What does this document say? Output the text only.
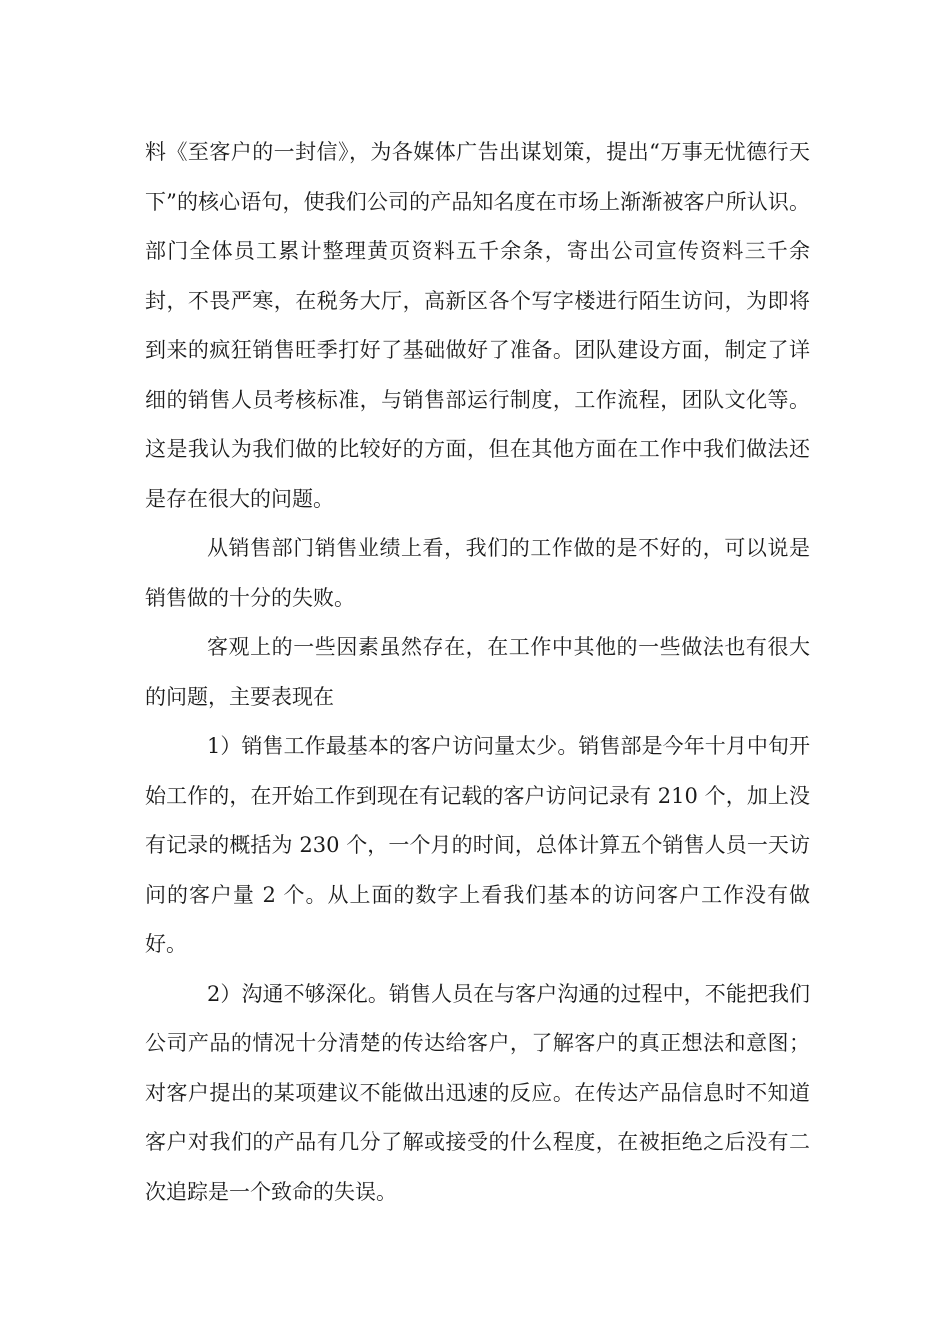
料《至客户的一封信》，为各媒体广告出谋划策，提出“万事无忧德行天下”的核心语句，使我们公司的产品知名度在市场上渐渐被客户所认识。部门全体员工累计整理黄页资料五千余条，寄出公司宣传资料三千余封，不畏严寒，在税务大厅，高新区各个写字楼进行陌生访问，为即将到来的疯狂销售旺季打好了基础做好了准备。团队建设方面，制定了详细的销售人员考核标准，与销售部运行制度，工作流程，团队文化等。这是我认为我们做的比较好的方面，但在其他方面在工作中我们做法还是存在很大的问题。

从销售部门销售业绩上看，我们的工作做的是不好的，可以说是销售做的十分的失败。

客观上的一些因素虽然存在，在工作中其他的一些做法也有很大的问题，主要表现在

1）销售工作最基本的客户访问量太少。销售部是今年十月中旬开始工作的，在开始工作到现在有记载的客户访问记录有 210 个，加上没有记录的概括为 230 个，一个月的时间，总体计算五个销售人员一天访问的客户量 2 个。从上面的数字上看我们基本的访问客户工作没有做好。

2）沟通不够深化。销售人员在与客户沟通的过程中，不能把我们公司产品的情况十分清楚的传达给客户，了解客户的真正想法和意图；对客户提出的某项建议不能做出迅速的反应。在传达产品信息时不知道客户对我们的产品有几分了解或接受的什么程度，在被拒绝之后没有二次追踪是一个致命的失误。
